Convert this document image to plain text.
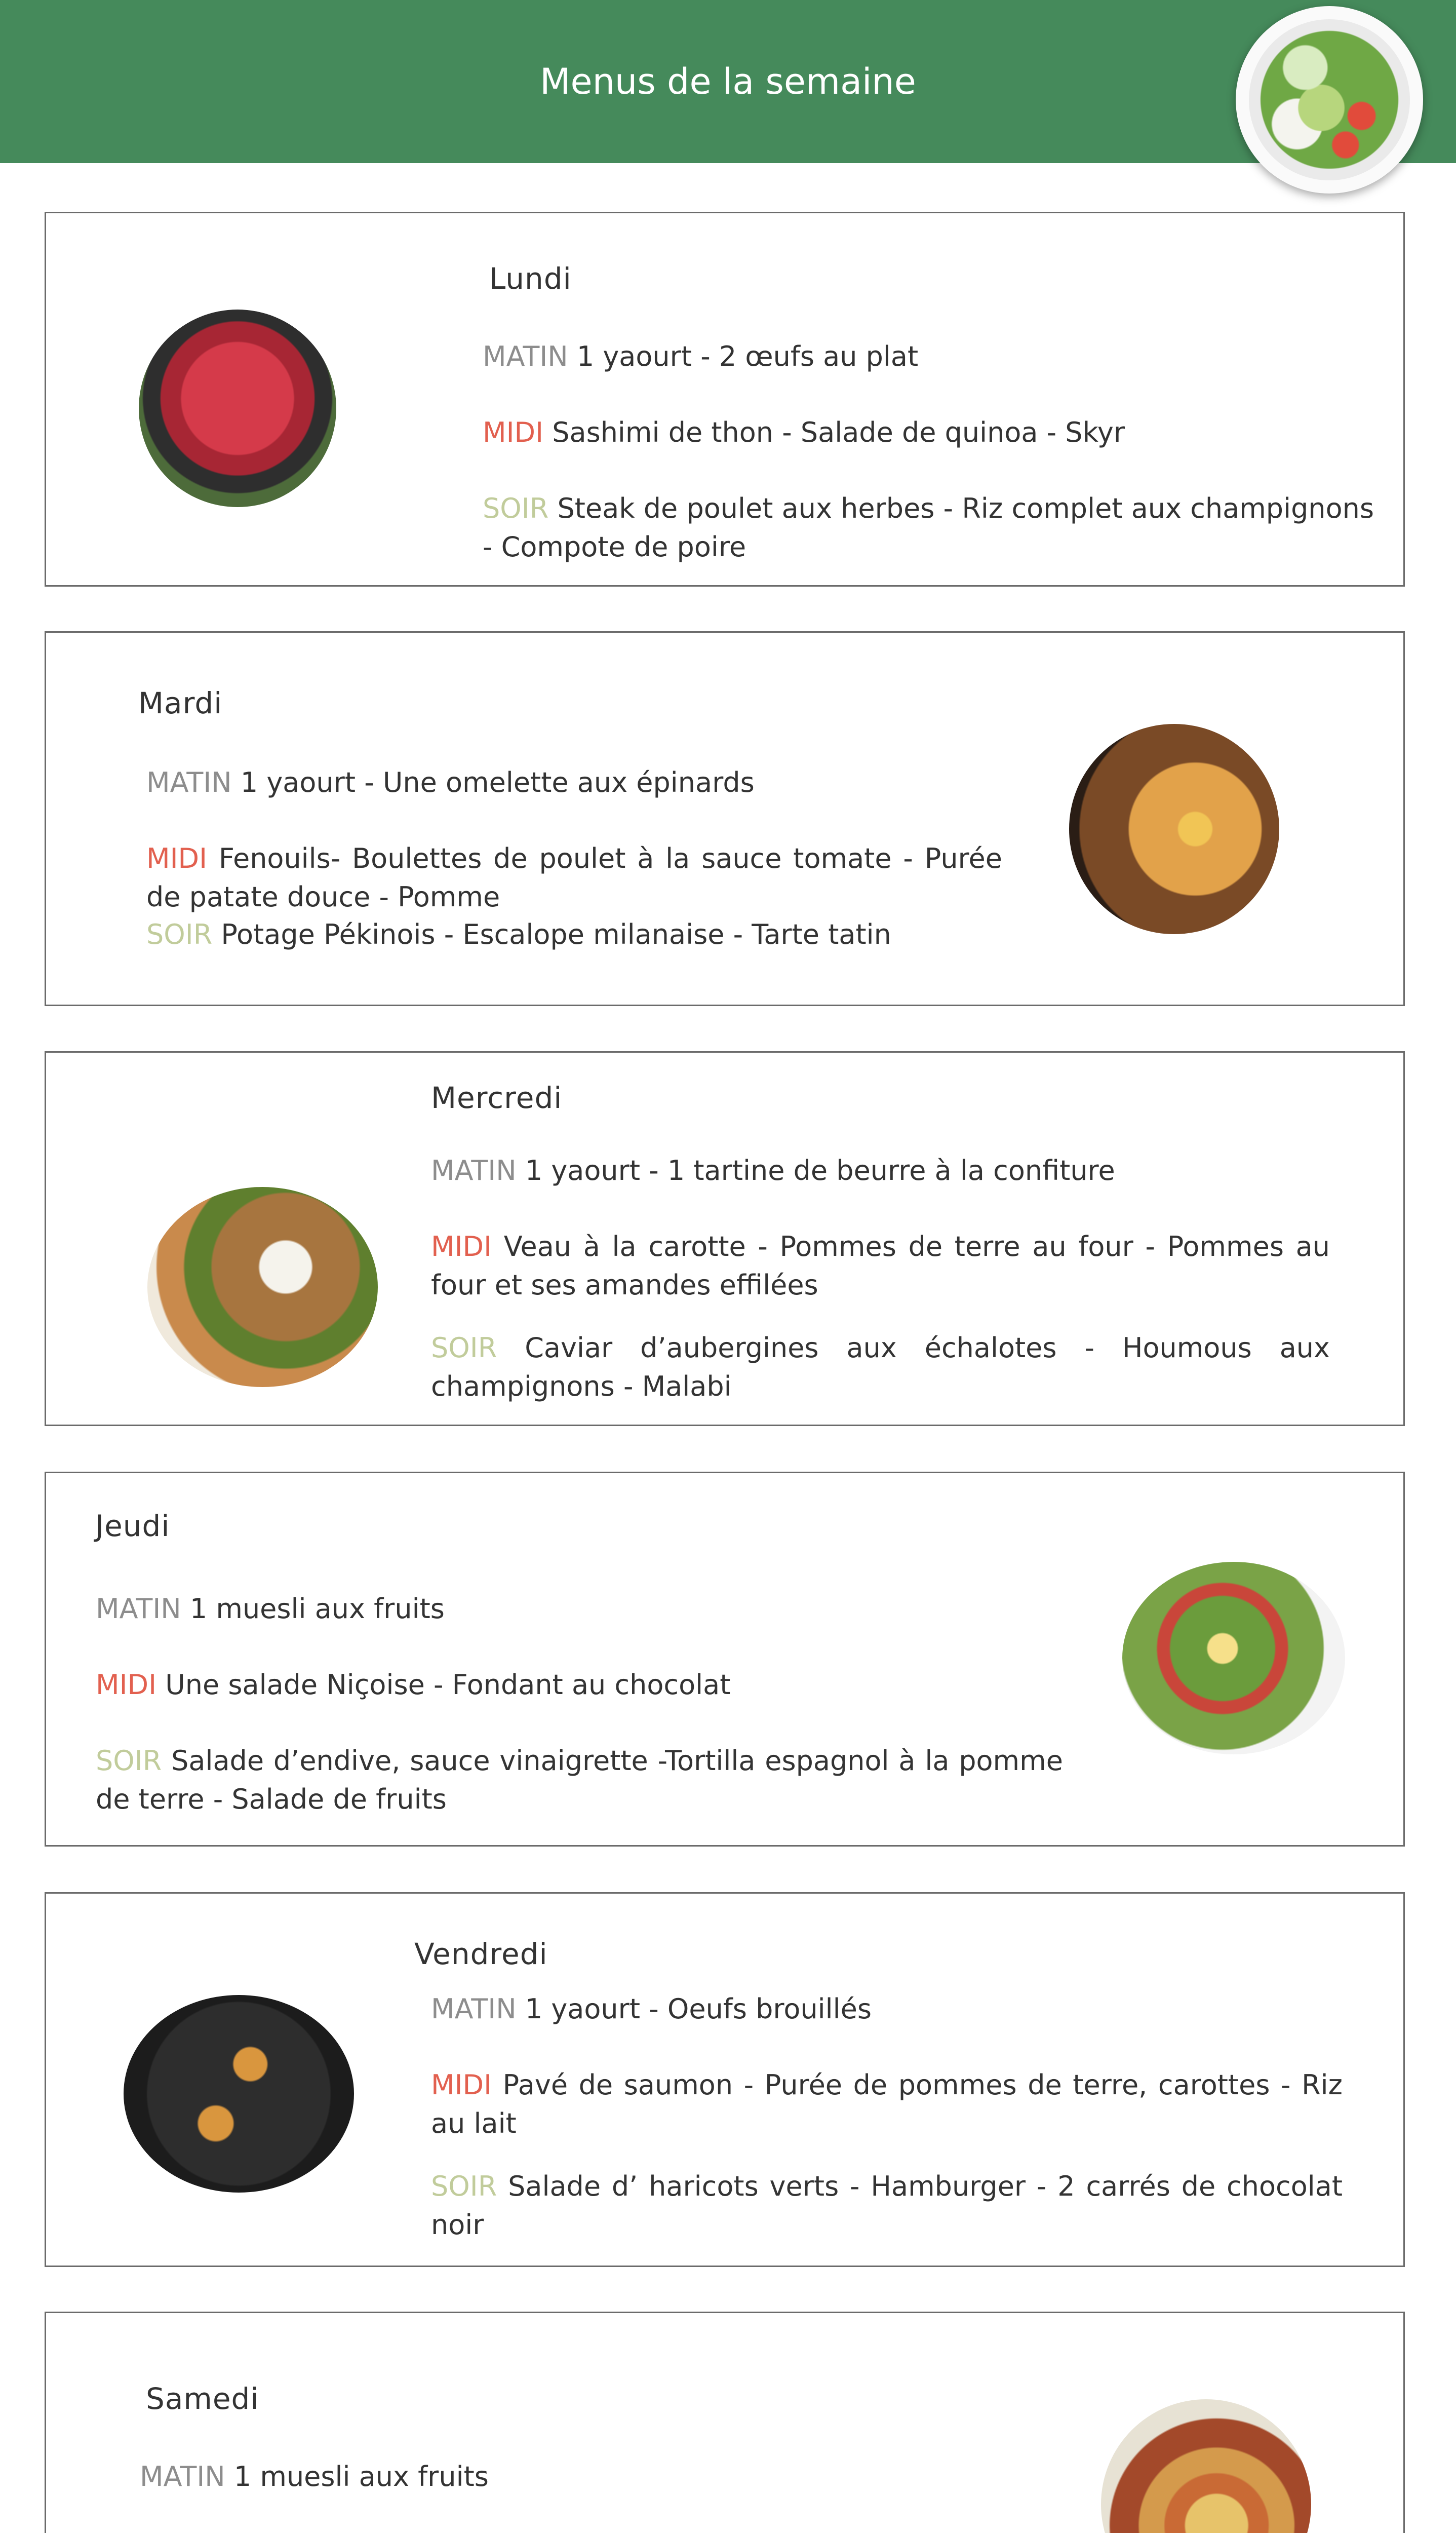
Menus de la semaine
Lundi
MATIN 1 yaourt - 2 œufs au plat
MIDI Sashimi de thon - Salade de quinoa - Skyr
SOIR Steak de poulet aux herbes - Riz complet aux champignons - Compote de poire
Mardi
MATIN 1 yaourt - Une omelette aux épinards
MIDI Fenouils- Boulettes de poulet à la sauce tomate - Purée de patate douce - Pomme
SOIR Potage Pékinois - Escalope milanaise - Tarte tatin
Mercredi
MATIN 1 yaourt - 1 tartine de beurre à la confiture
MIDI Veau à la carotte - Pommes de terre au four - Pommes au four et ses amandes effilées
SOIR Caviar d’aubergines aux échalotes - Houmous aux champignons - Malabi
Jeudi
MATIN 1 muesli aux fruits
MIDI Une salade Niçoise - Fondant au chocolat
SOIR Salade d’endive, sauce vinaigrette -Tortilla espagnol à la pomme de terre - Salade de fruits
Vendredi
MATIN 1 yaourt - Oeufs brouillés
MIDI Pavé de saumon - Purée de pommes de terre, carottes - Riz au lait
SOIR Salade d’ haricots verts - Hamburger - 2 carrés de chocolat noir
Samedi
MATIN 1 muesli aux fruits
